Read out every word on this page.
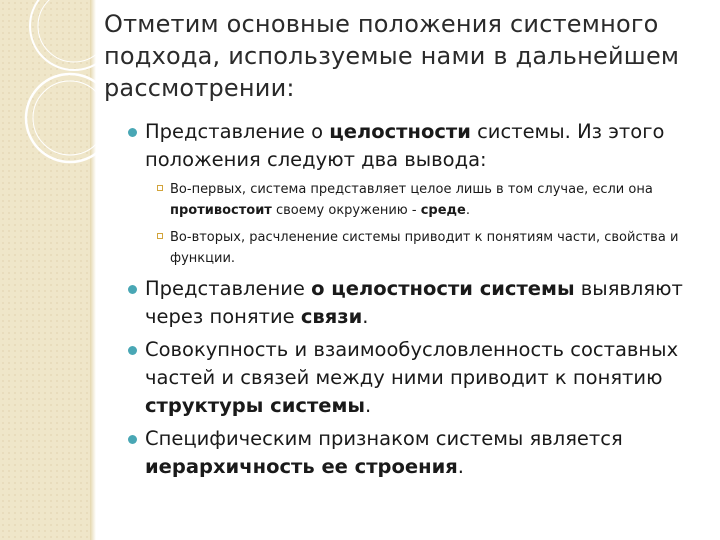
Отметим основные положения системного подхода, используемые нами в дальнейшем рассмотрении:
Представление о целостности системы. Из этого положения следуют два вывода:
Во-первых, система представляет целое лишь в том случае, если она противостоит своему окружению - среде.
Во-вторых, расчленение системы приводит к понятиям части, свойства и функции.
Представление о целостности системы выявляют через понятие связи.
Совокупность и взаимообусловленность составных частей и связей между ними приводит к понятию структуры системы.
Специфическим признаком системы является иерархичность ее строения.
